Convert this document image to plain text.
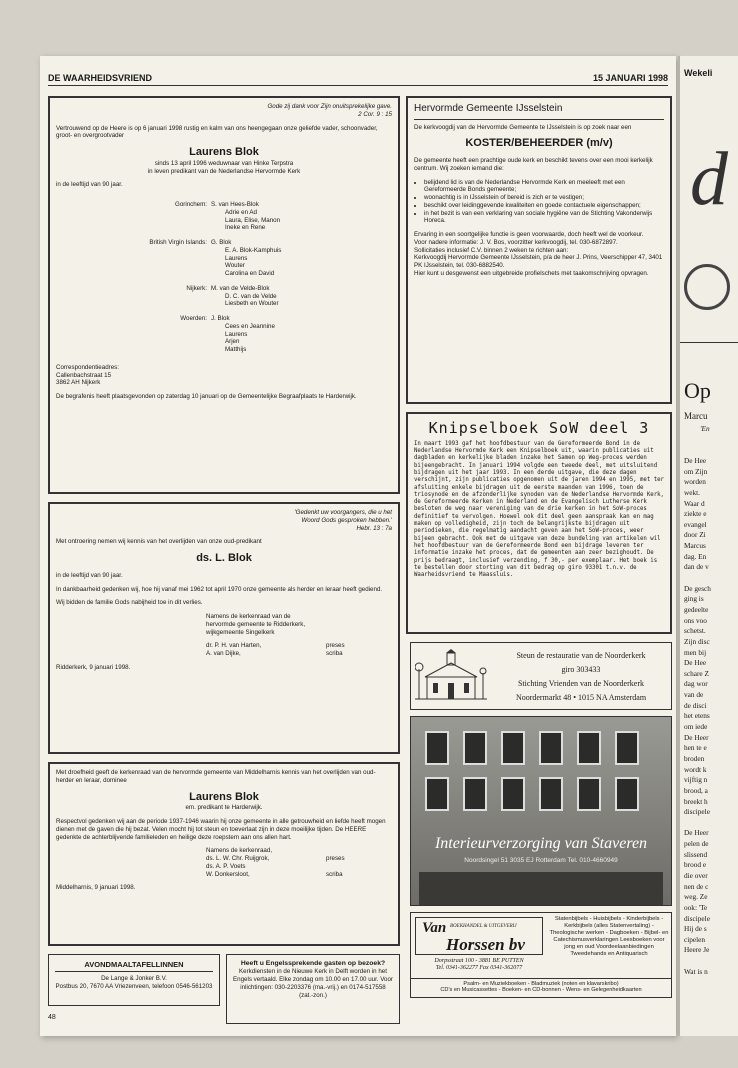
DE WAARHEIDSVRIEND	15 JANUARI 1998
Gode zij dank voor Zijn onuitsprekelijke gave.
2 Cor. 9 : 15
Vertrouwend op de Heere is op 6 januari 1998 rustig en kalm van ons heengegaan onze geliefde vader, schoonvader, groot- en overgrootvader
Laurens Blok
sinds 13 april 1996 weduwnaar van Hinke Terpstra
in leven predikant van de Nederlandse Hervormde Kerk
in de leeftijd van 90 jaar.
Gorinchem: S. van Hees-Blok
Adrie en Ad
Laura, Elise, Manon
Ineke en Rene
British Virgin Islands: G. Blok
E. A. Blok-Kamphuis
Laurens
Wouter
Carolina en David
Nijkerk: M. van de Velde-Blok
D. C. van de Velde
Liesbeth en Wouter
Woerden: J. Blok
Cees en Jeannine
Laurens
Arjen
Matthijs
Correspondentieadres:
Callenbachstraat 15
3862 AH Nijkerk
De begrafenis heeft plaatsgevonden op zaterdag 10 januari op de Gemeentelijke Begraafplaats te Harderwijk.
'Gedenkt uw voorgangers, die u het
Woord Gods gesproken hebben.'
Hebr. 13 : 7a
Met ontroering nemen wij kennis van het overlijden van onze oud-predikant
ds. L. Blok
in de leeftijd van 90 jaar.
In dankbaarheid gedenken wij, hoe hij vanaf mei 1962 tot april 1970 onze gemeente als herder en leraar heeft gediend.
Wij bidden de familie Gods nabijheid toe in dit verlies.
Namens de kerkenraad van de
hervormde gemeente te Ridderkerk,
wijkgemeente Singelkerk
dr. P. H. van Harten,	preses
A. van Dijke,	scriba
Ridderkerk, 9 januari 1998.
Met droefheid geeft de kerkenraad van de hervormde gemeente van Middelharnis kennis van het overlijden van oud-herder en leraar, dominee
Laurens Blok
em. predikant te Harderwijk.
Respectvol gedenken wij aan de periode 1937-1946 waarin hij onze gemeente in alle getrouwheid en liefde heeft mogen dienen met de gaven die hij bezat. Velen mocht hij tot steun en toeverlaat zijn in deze moeilijke tijden. De HEERE gedenkte de achterblijvende familieleden en heilige deze roepstem aan ons allen hart.
Namens de kerkenraad,
ds. L. W. Chr. Ruijgrok,	preses
ds. A. P. Voets
W. Donkersloot,	scriba
Middelharnis, 9 januari 1998.
AVONDMAALTAFELLINNEN
De Lange & Jonker B.V.
Postbus 20, 7670 AA Vriezenveen, telefoon 0546-561203
Heeft u Engelssprekende gasten op bezoek?
Kerkdiensten in de Nieuwe Kerk in Delft worden in het Engels vertaald. Elke zondag om 10.00 en 17.00 uur. Voor inlichtingen: 030-2203376 (ma.-vrij.) en 0174-517558 (zat.-zon.)
Hervormde Gemeente IJsselstein
De kerkvoogdij van de Hervormde Gemeente te IJsselstein is op zoek naar een
KOSTER/BEHEERDER (m/v)
De gemeente heeft een prachtige oude kerk en beschikt tevens over een mooi kerkelijk centrum. Wij zoeken iemand die:
• belijdend lid is van de Nederlandse Hervormde Kerk en meeleeft met een Gereformeerde Bonds gemeente;
• woonachtig is in IJsselstein of bereid is zich er te vestigen;
• beschikt over leidinggevende kwaliteiten en goede contactuele eigenschappen;
• in het bezit is van een verklaring van sociale hygiëne van de Stichting Vakonderwijs Horeca.
Ervaring in een soortgelijke functie is geen voorwaarde, doch heeft wel de voorkeur.
Voor nadere informatie: J. V. Bos, voorzitter kerkvoogdij, tel. 030-6872897.
Sollicitaties inclusief C.V. binnen 2 weken te richten aan:
Kerkvoogdij Hervormde Gemeente IJsselstein, p/a de heer J. Prins, Veerschipper 47, 3401 PK IJsselstein, tel. 030-6882540.
Hier kunt u desgewenst een uitgebreide profielschets met taakomschrijving opvragen.
Knipselboek SoW deel 3
In maart 1993 gaf het hoofdbestuur van de Gereformeerde Bond in de Nederlandse Hervormde Kerk een Knipselboek uit, waarin publicaties uit dagbladen en kerkelijke bladen inzake het Samen op Weg-proces werden bijeengebracht. In januari 1994 volgde een tweede deel, met uitsluitend bijdragen uit het jaar 1993. In een derde uitgave, die deze dagen verschijnt, zijn publicaties opgenomen uit de jaren 1994 en 1995, met ter afsluiting enkele bijdragen uit de eerste maanden van 1996, toen de triosynode en de afzonderlijke synoden van de Nederlandse Hervormde Kerk, de Gereformeerde Kerken in Nederland en de Evangelisch Lutherse Kerk besloten de weg naar vereniging van de drie kerken in het SoW-proces definitief te vervolgen. Hoewel ook dit deel geen aanspraak kan en mag maken op volledigheid, zijn toch de belangrijkste bijdragen uit periodieken, die regelmatig aandacht geven aan het SoW-proces, weer bijeen gebracht. Ook met de uitgave van deze bundeling van artikelen wil het hoofdbestuur van de Gereformeerde Bond een bijdrage leveren ter informatie inzake het proces, dat de gemeenten aan zeer bezighoudt. De prijs bedraagt, inclusief verzending, f 30,- per exemplaar. Het boek is te bestellen door storting van dit bedrag op giro 93301 t.n.v. de Waarheidsvriend te Maassluis.
Steun de restauratie van de Noorderkerk
giro 303433
Stichting Vrienden van de Noorderkerk
Noordermarkt 48 • 1015 NA Amsterdam
Interieurverzorging van Staveren
Noordsingel 51 3035 EJ Rotterdam Tel. 010-4660949
Van BOEKHANDEL & UITGEVERIJ
Horssen bv
Statenbijbels - Huisbijbels - Kinderbijbels - Kerkbijbels (alles Statenvertaling) - Theologische werken - Dagboeken - Bijbel- en Catechismusverklaringen Leesboeken voor jong en oud Voordeelaanbiedingen Tweedehands en Antiquarisch
Dorpsstraat 100 - 3881 BE PUTTEN
Tel. 0341-362277 Fax 0341-362077
Psalm- en Muziekboeken - Bladmuziek (noten en klavarskribo)
CD's en Musicassettes - Boeken- en CD-bonnen - Wens- en Gelegenheidkaarten
48
Wekeli
d
Op
Marcu
'En
De Hee
om Zijn
worden
wekt.
Waar d
ziekte e
evangel
door Zi
Marcus
dag. En
dan de v

De gesch
ging is
gedeelte
ons voo
schetst.
Zijn disc
men bij
De Hee
schare Z
dag wor
van de
de disci
het etens
om iede
De Heer
hen te e
broden
wordt k
vijftig n
brood, a
breekt h
discipele

De Heer
pelen de
slissend
brood e
die over
nen de c
weg. Ze
ook: 'Te
discipele
Hij de s
cipelen
Heere Je

Wat is n
